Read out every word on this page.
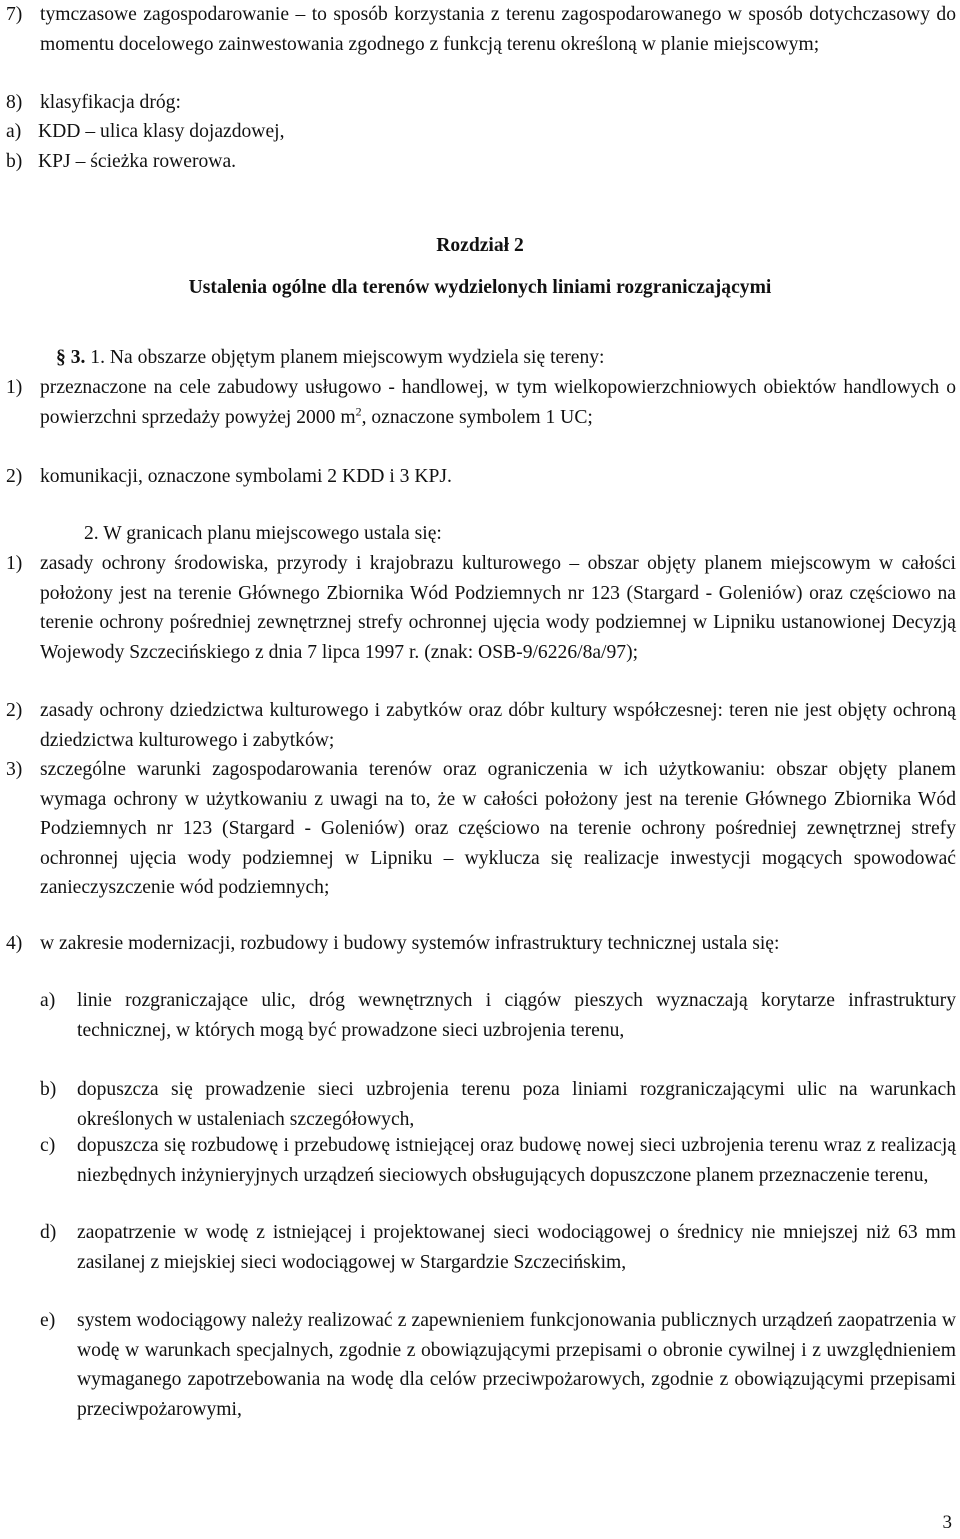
7) tymczasowe zagospodarowanie – to sposób korzystania z terenu zagospodarowanego w sposób dotychczasowy do momentu docelowego zainwestowania zgodnego z funkcją terenu określoną w planie miejscowym;
8) klasyfikacja dróg:
a) KDD – ulica klasy dojazdowej,
b) KPJ – ścieżka rowerowa.
Rozdział 2
Ustalenia ogólne dla terenów wydzielonych liniami rozgraniczającymi
§ 3. 1. Na obszarze objętym planem miejscowym wydziela się tereny:
1) przeznaczone na cele zabudowy usługowo - handlowej, w tym wielkopowierzchniowych obiektów handlowych o powierzchni sprzedaży powyżej 2000 $m^2$, oznaczone symbolem 1 UC;
2) komunikacji, oznaczone symbolami 2 KDD i 3 KPJ.
2. W granicach planu miejscowego ustala się:
1) zasady ochrony środowiska, przyrody i krajobrazu kulturowego – obszar objęty planem miejscowym w całości położony jest na terenie Głównego Zbiornika Wód Podziemnych nr 123 (Stargard - Goleniów) oraz częściowo na terenie ochrony pośredniej zewnętrznej strefy ochronnej ujęcia wody podziemnej w Lipniku ustanowionej Decyzją Wojewody Szczecińskiego z dnia 7 lipca 1997 r. (znak: OSB-9/6226/8a/97);
2) zasady ochrony dziedzictwa kulturowego i zabytków oraz dóbr kultury współczesnej: teren nie jest objęty ochroną dziedzictwa kulturowego i zabytków;
3) szczególne warunki zagospodarowania terenów oraz ograniczenia w ich użytkowaniu: obszar objęty planem wymaga ochrony w użytkowaniu z uwagi na to, że w całości położony jest na terenie Głównego Zbiornika Wód Podziemnych nr 123 (Stargard - Goleniów) oraz częściowo na terenie ochrony pośredniej zewnętrznej strefy ochronnej ujęcia wody podziemnej w Lipniku – wyklucza się realizacje inwestycji mogących spowodować zanieczyszczenie wód podziemnych;
4) w zakresie modernizacji, rozbudowy i budowy systemów infrastruktury technicznej ustala się:
a) linie rozgraniczające ulic, dróg wewnętrznych i ciągów pieszych wyznaczają korytarze infrastruktury technicznej, w których mogą być prowadzone sieci uzbrojenia terenu,
b) dopuszcza się prowadzenie sieci uzbrojenia terenu poza liniami rozgraniczającymi ulic na warunkach określonych w ustaleniach szczegółowych,
c) dopuszcza się rozbudowę i przebudowę istniejącej oraz budowę nowej sieci uzbrojenia terenu wraz z realizacją niezbędnych inżynieryjnych urządzeń sieciowych obsługujących dopuszczone planem przeznaczenie terenu,
d) zaopatrzenie w wodę z istniejącej i projektowanej sieci wodociągowej o średnicy nie mniejszej niż 63 mm zasilanej z miejskiej sieci wodociągowej w Stargardzie Szczecińskim,
e) system wodociągowy należy realizować z zapewnieniem funkcjonowania publicznych urządzeń zaopatrzenia w wodę w warunkach specjalnych, zgodnie z obowiązującymi przepisami o obronie cywilnej i z uwzględnieniem wymaganego zapotrzebowania na wodę dla celów przeciwpożarowych, zgodnie z obowiązującymi przepisami przeciwpożarowymi,
3
